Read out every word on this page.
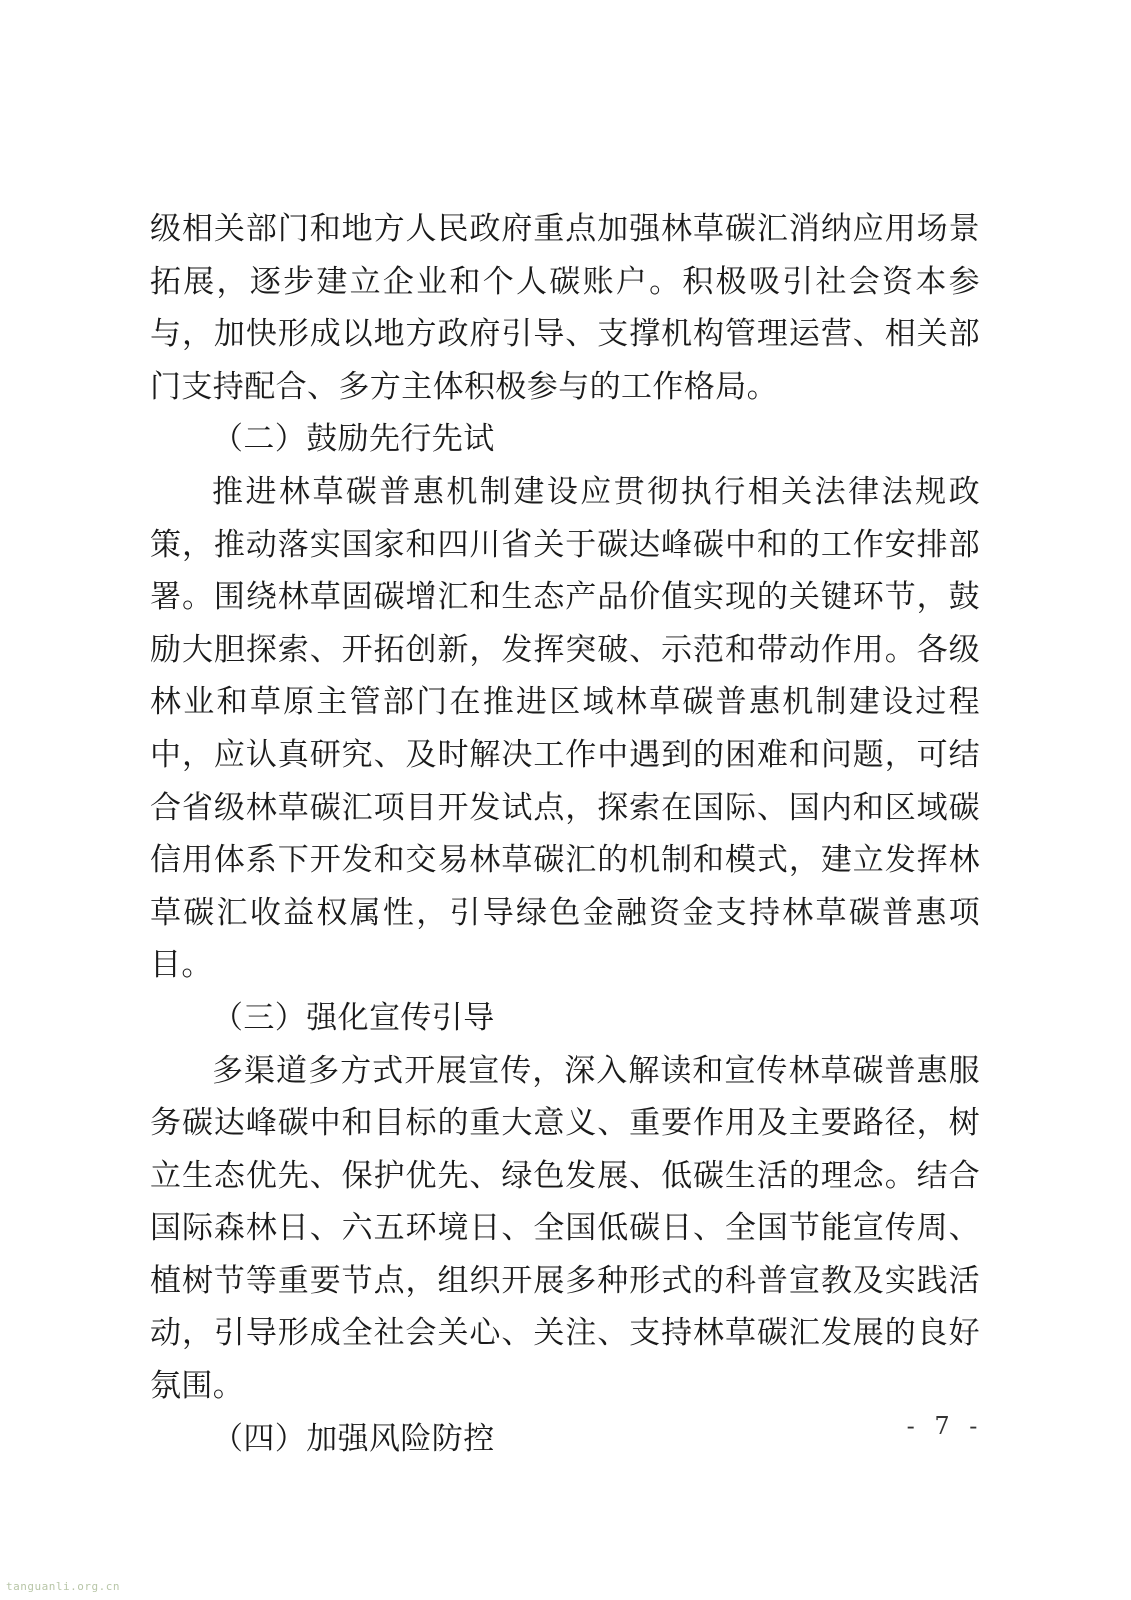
级相关部门和地方人民政府重点加强林草碳汇消纳应用场景拓展，逐步建立企业和个人碳账户。积极吸引社会资本参与，加快形成以地方政府引导、支撑机构管理运营、相关部门支持配合、多方主体积极参与的工作格局。

（二）鼓励先行先试

推进林草碳普惠机制建设应贯彻执行相关法律法规政策，推动落实国家和四川省关于碳达峰碳中和的工作安排部署。围绕林草固碳增汇和生态产品价值实现的关键环节，鼓励大胆探索、开拓创新，发挥突破、示范和带动作用。各级林业和草原主管部门在推进区域林草碳普惠机制建设过程中，应认真研究、及时解决工作中遇到的困难和问题，可结合省级林草碳汇项目开发试点，探索在国际、国内和区域碳信用体系下开发和交易林草碳汇的机制和模式，建立发挥林草碳汇收益权属性，引导绿色金融资金支持林草碳普惠项目。

（三）强化宣传引导

多渠道多方式开展宣传，深入解读和宣传林草碳普惠服务碳达峰碳中和目标的重大意义、重要作用及主要路径，树立生态优先、保护优先、绿色发展、低碳生活的理念。结合国际森林日、六五环境日、全国低碳日、全国节能宣传周、植树节等重要节点，组织开展多种形式的科普宣教及实践活动，引导形成全社会关心、关注、支持林草碳汇发展的良好氛围。

（四）加强风险防控	- 7 -
tanguanli.org.cn
